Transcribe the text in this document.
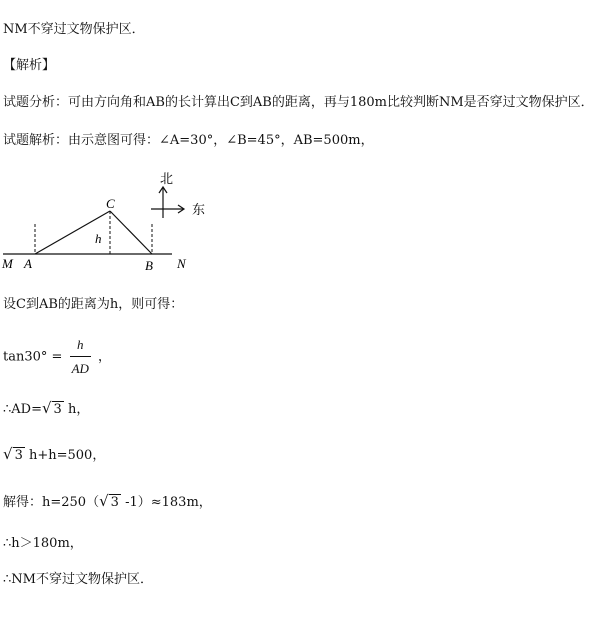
NM不穿过文物保护区．
【解析】
试题分析：可由方向角和AB的长计算出C到AB的距离，再与180m比较判断NM是否穿过文物保护区．
试题解析：由示意图可得：∠A=30°，∠B=45°，AB=500m，
北
东
C
h
M A	B N
设C到AB的距离为h，则可得：
$\tan 30^\circ = \frac{h}{AD}$ ，
∴AD=√ 3 h，
√ 3 h+h=500，
解得：h=250（√ 3 -1）≈183m，
∴h＞180m，
∴NM不穿过文物保护区．
